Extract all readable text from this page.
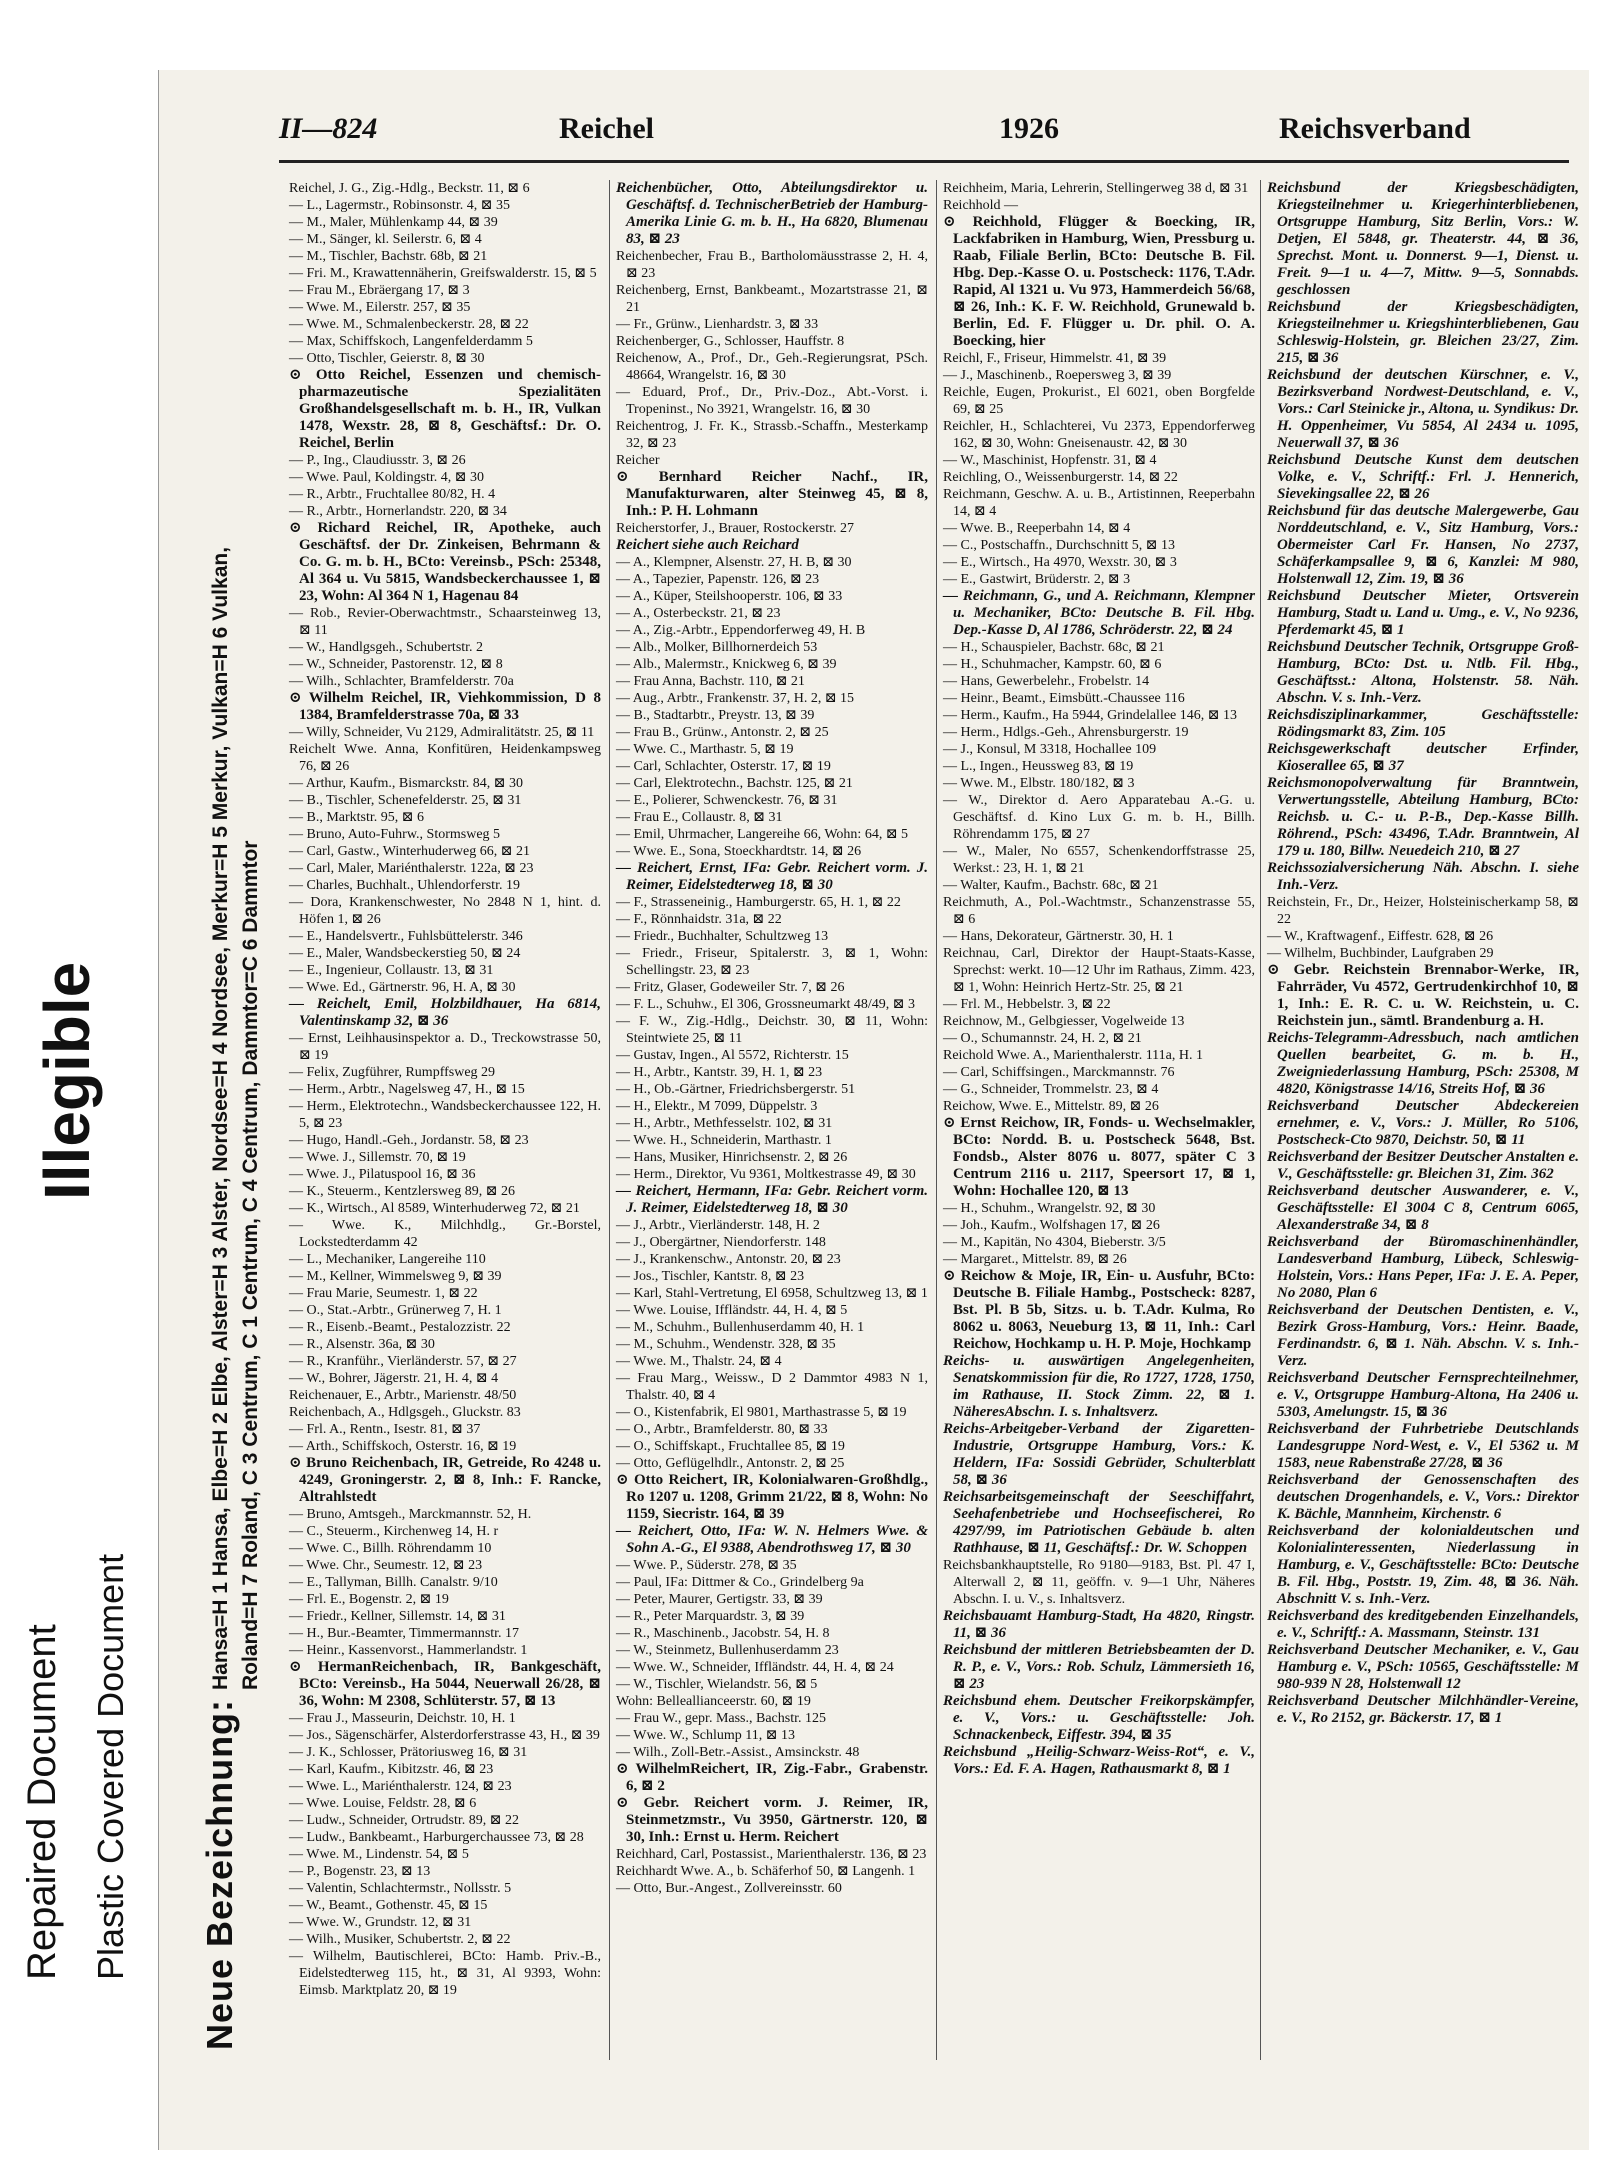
Repaired Document Plastic Covered Document
Illegible
II—824	Reichel	1926	Reichsverband
Neue Bezeichnung:
Hansa=H 1 Hansa, Elbe=H 2 Elbe, Alster=H 3 Alster, Nordsee=H 4 Nordsee, Merkur=H 5 Merkur, Vulkan=H 6 Vulkan, Roland=H 7 Roland, C 3 Centrum, C 1 Centrum, C 4 Centrum, Dammtor=C 6 Dammtor

Reichel, J. G., Zig.-Hdlg., Beckstr. 11, ⊠ 6

— L., Lagermstr., Robinsonstr. 4, ⊠ 35

— M., Maler, Mühlenkamp 44, ⊠ 39

— M., Sänger, kl. Seilerstr. 6, ⊠ 4

— M., Tischler, Bachstr. 68b, ⊠ 21

— Fri. M., Krawattennäherin, Greifswalderstr. 15, ⊠ 5

— Frau M., Ebräergang 17, ⊠ 3

— Wwe. M., Eilerstr. 257, ⊠ 35

— Wwe. M., Schmalenbeckerstr. 28, ⊠ 22

— Max, Schiffskoch, Langenfelderdamm 5

— Otto, Tischler, Geierstr. 8, ⊠ 30

⊙ Otto Reichel, Essenzen und chemisch-pharmazeutische Spezialitäten Großhandelsgesellschaft m. b. H., IR, Vulkan 1478, Wexstr. 28, ⊠ 8, Geschäftsf.: Dr. O. Reichel, Berlin

— P., Ing., Claudiusstr. 3, ⊠ 26

— Wwe. Paul, Koldingstr. 4, ⊠ 30

— R., Arbtr., Fruchtallee 80/82, H. 4

— R., Arbtr., Hornerlandstr. 220, ⊠ 34

⊙ Richard Reichel, IR, Apotheke, auch Geschäftsf. der Dr. Zinkeisen, Behrmann & Co. G. m. b. H., BCto: Vereinsb., PSch: 25348, Al 364 u. Vu 5815, Wandsbeckerchaussee 1, ⊠ 23, Wohn: Al 364 N 1, Hagenau 84

— Rob., Revier-Oberwachtmstr., Schaarsteinweg 13, ⊠ 11

— W., Handlgsgeh., Schubertstr. 2

— W., Schneider, Pastorenstr. 12, ⊠ 8

— Wilh., Schlachter, Bramfelderstr. 70a

⊙ Wilhelm Reichel, IR, Viehkommission, D 8 1384, Bramfelderstrasse 70a, ⊠ 33

— Willy, Schneider, Vu 2129, Admiralitätstr. 25, ⊠ 11

Reichelt Wwe. Anna, Konfitüren, Heidenkampsweg 76, ⊠ 26

— Arthur, Kaufm., Bismarckstr. 84, ⊠ 30

— B., Tischler, Schenefelderstr. 25, ⊠ 31

— B., Marktstr. 95, ⊠ 6

— Bruno, Auto-Fuhrw., Stormsweg 5

— Carl, Gastw., Winterhuderweg 66, ⊠ 21

— Carl, Maler, Mariénthalerstr. 122a, ⊠ 23

— Charles, Buchhalt., Uhlendorferstr. 19

— Dora, Krankenschwester, No 2848 N 1, hint. d. Höfen 1, ⊠ 26

— E., Handelsvertr., Fuhlsbüttelerstr. 346

— E., Maler, Wandsbeckerstieg 50, ⊠ 24

— E., Ingenieur, Collaustr. 13, ⊠ 31

— Wwe. Ed., Gärtnerstr. 96, H. A, ⊠ 30

— Reichelt, Emil, Holzbildhauer, Ha 6814, Valentinskamp 32, ⊠ 36

— Ernst, Leihhausinspektor a. D., Treckowstrasse 50, ⊠ 19

— Felix, Zugführer, Rumpffsweg 29

— Herm., Arbtr., Nagelsweg 47, H., ⊠ 15

— Herm., Elektrotechn., Wandsbeckerchaussee 122, H. 5, ⊠ 23

— Hugo, Handl.-Geh., Jordanstr. 58, ⊠ 23

— Wwe. J., Sillemstr. 70, ⊠ 19

— Wwe. J., Pilatuspool 16, ⊠ 36

— K., Steuerm., Kentzlersweg 89, ⊠ 26

— K., Wirtsch., Al 8589, Winterhuderweg 72, ⊠ 21

— Wwe. K., Milchhdlg., Gr.-Borstel, Lockstedterdamm 42

— L., Mechaniker, Langereihe 110

— M., Kellner, Wimmelsweg 9, ⊠ 39

— Frau Marie, Seumestr. 1, ⊠ 22

— O., Stat.-Arbtr., Grünerweg 7, H. 1

— R., Eisenb.-Beamt., Pestalozzistr. 22

— R., Alsenstr. 36a, ⊠ 30

— R., Kranführ., Vierländerstr. 57, ⊠ 27

— W., Bohrer, Jägerstr. 21, H. 4, ⊠ 4

Reichenauer, E., Arbtr., Marienstr. 48/50

Reichenbach, A., Hdlgsgeh., Gluckstr. 83

— Frl. A., Rentn., Isestr. 81, ⊠ 37

— Arth., Schiffskoch, Osterstr. 16, ⊠ 19

⊙ Bruno Reichenbach, IR, Getreide, Ro 4248 u. 4249, Groningerstr. 2, ⊠ 8, Inh.: F. Rancke, Altrahlstedt

— Bruno, Amtsgeh., Marckmannstr. 52, H.

— C., Steuerm., Kirchenweg 14, H. r

— Wwe. C., Billh. Röhrendamm 10

— Wwe. Chr., Seumestr. 12, ⊠ 23

— E., Tallyman, Billh. Canalstr. 9/10

— Frl. E., Bogenstr. 2, ⊠ 19

— Friedr., Kellner, Sillemstr. 14, ⊠ 31

— H., Bur.-Beamter, Timmermannstr. 17

— Heinr., Kassenvorst., Hammerlandstr. 1

⊙ HermanReichenbach, IR, Bankgeschäft, BCto: Vereinsb., Ha 5044, Neuerwall 26/28, ⊠ 36, Wohn: M 2308, Schlüterstr. 57, ⊠ 13

— Frau J., Masseurin, Deichstr. 10, H. 1

— Jos., Sägenschärfer, Alsterdorferstrasse 43, H., ⊠ 39

— J. K., Schlosser, Prätoriusweg 16, ⊠ 31

— Karl, Kaufm., Kibitzstr. 46, ⊠ 23

— Wwe. L., Mariénthalerstr. 124, ⊠ 23

— Wwe. Louise, Feldstr. 28, ⊠ 6

— Ludw., Schneider, Ortrudstr. 89, ⊠ 22

— Ludw., Bankbeamt., Harburgerchaussee 73, ⊠ 28

— Wwe. M., Lindenstr. 54, ⊠ 5

— P., Bogenstr. 23, ⊠ 13

— Valentin, Schlachtermstr., Nollsstr. 5

— W., Beamt., Gothenstr. 45, ⊠ 15

— Wwe. W., Grundstr. 12, ⊠ 31

— Wilh., Musiker, Schubertstr. 2, ⊠ 22

— Wilhelm, Bautischlerei, BCto: Hamb. Priv.-B., Eidelstedterweg 115, ht., ⊠ 31, Al 9393, Wohn: Eimsb. Marktplatz 20, ⊠ 19

Reichenbücher, Otto, Abteilungsdirektor u. Geschäftsf. d. TechnischerBetrieb der Hamburg-Amerika Linie G. m. b. H., Ha 6820, Blumenau 83, ⊠ 23

Reichenbecher, Frau B., Bartholomäusstrasse 2, H. 4, ⊠ 23

Reichenberg, Ernst, Bankbeamt., Mozartstrasse 21, ⊠ 21

— Fr., Grünw., Lienhardstr. 3, ⊠ 33

Reichenberger, G., Schlosser, Hauffstr. 8

Reichenow, A., Prof., Dr., Geh.-Regierungsrat, PSch. 48664, Wrangelstr. 16, ⊠ 30

— Eduard, Prof., Dr., Priv.-Doz., Abt.-Vorst. i. Tropeninst., No 3921, Wrangelstr. 16, ⊠ 30

Reichentrog, J. Fr. K., Strassb.-Schaffn., Mesterkamp 32, ⊠ 23

Reicher

⊙ Bernhard Reicher Nachf., IR, Manufakturwaren, alter Steinweg 45, ⊠ 8, Inh.: P. H. Lohmann

Reicherstorfer, J., Brauer, Rostockerstr. 27

Reichert siehe auch Reichard

— A., Klempner, Alsenstr. 27, H. B, ⊠ 30

— A., Tapezier, Papenstr. 126, ⊠ 23

— A., Küper, Steilshooperstr. 106, ⊠ 33

— A., Osterbeckstr. 21, ⊠ 23

— A., Zig.-Arbtr., Eppendorferweg 49, H. B

— Alb., Molker, Billhornerdeich 53

— Alb., Malermstr., Knickweg 6, ⊠ 39

— Frau Anna, Bachstr. 110, ⊠ 21

— Aug., Arbtr., Frankenstr. 37, H. 2, ⊠ 15

— B., Stadtarbtr., Preystr. 13, ⊠ 39

— Frau B., Grünw., Antonstr. 2, ⊠ 25

— Wwe. C., Marthastr. 5, ⊠ 19

— Carl, Schlachter, Osterstr. 17, ⊠ 19

— Carl, Elektrotechn., Bachstr. 125, ⊠ 21

— E., Polierer, Schwenckestr. 76, ⊠ 31

— Frau E., Collaustr. 8, ⊠ 31

— Emil, Uhrmacher, Langereihe 66, Wohn: 64, ⊠ 5

— Wwe. E., Sona, Stoeckhardtstr. 14, ⊠ 26

— Reichert, Ernst, IFa: Gebr. Reichert vorm. J. Reimer, Eidelstedterweg 18, ⊠ 30

— F., Strasseneinig., Hamburgerstr. 65, H. 1, ⊠ 22

— F., Rönnhaidstr. 31a, ⊠ 22

— Friedr., Buchhalter, Schultzweg 13

— Friedr., Friseur, Spitalerstr. 3, ⊠ 1, Wohn: Schellingstr. 23, ⊠ 23

— Fritz, Glaser, Godeweiler Str. 7, ⊠ 26

— F. L., Schuhw., El 306, Grossneumarkt 48/49, ⊠ 3

— F. W., Zig.-Hdlg., Deichstr. 30, ⊠ 11, Wohn: Steintwiete 25, ⊠ 11

— Gustav, Ingen., Al 5572, Richterstr. 15

— H., Arbtr., Kantstr. 39, H. 1, ⊠ 23

— H., Ob.-Gärtner, Friedrichsbergerstr. 51

— H., Elektr., M 7099, Düppelstr. 3

— H., Arbtr., Methfesselstr. 102, ⊠ 31

— Wwe. H., Schneiderin, Marthastr. 1

— Hans, Musiker, Hinrichsenstr. 2, ⊠ 26

— Herm., Direktor, Vu 9361, Moltkestrasse 49, ⊠ 30

— Reichert, Hermann, IFa: Gebr. Reichert vorm. J. Reimer, Eidelstedterweg 18, ⊠ 30

— J., Arbtr., Vierländerstr. 148, H. 2

— J., Obergärtner, Niendorferstr. 148

— J., Krankenschw., Antonstr. 20, ⊠ 23

— Jos., Tischler, Kantstr. 8, ⊠ 23

— Karl, Stahl-Vertretung, El 6958, Schultzweg 13, ⊠ 1

— Wwe. Louise, Iffländstr. 44, H. 4, ⊠ 5

— M., Schuhm., Bullenhuserdamm 40, H. 1

— M., Schuhm., Wendenstr. 328, ⊠ 35

— Wwe. M., Thalstr. 24, ⊠ 4

— Frau Marg., Weissw., D 2 Dammtor 4983 N 1, Thalstr. 40, ⊠ 4

— O., Kistenfabrik, El 9801, Marthastrasse 5, ⊠ 19

— O., Arbtr., Bramfelderstr. 80, ⊠ 33

— O., Schiffskapt., Fruchtallee 85, ⊠ 19

— Otto, Geflügelhdlr., Antonstr. 2, ⊠ 25

⊙ Otto Reichert, IR, Kolonialwaren-Großhdlg., Ro 1207 u. 1208, Grimm 21/22, ⊠ 8, Wohn: No 1159, Siecristr. 164, ⊠ 39

— Reichert, Otto, IFa: W. N. Helmers Wwe. & Sohn A.-G., El 9388, Abendrothsweg 17, ⊠ 30

— Wwe. P., Süderstr. 278, ⊠ 35

— Paul, IFa: Dittmer & Co., Grindelberg 9a

— Peter, Maurer, Gertigstr. 33, ⊠ 39

— R., Peter Marquardstr. 3, ⊠ 39

— R., Maschinenb., Jacobstr. 54, H. 8

— W., Steinmetz, Bullenhuserdamm 23

— Wwe. W., Schneider, Iffländstr. 44, H. 4, ⊠ 24

— W., Tischler, Wielandstr. 56, ⊠ 5

Wohn: Belleallianceerstr. 60, ⊠ 19

— Frau W., gepr. Mass., Bachstr. 125

— Wwe. W., Schlump 11, ⊠ 13

— Wilh., Zoll-Betr.-Assist., Amsinckstr. 48

⊙ WilhelmReichert, IR, Zig.-Fabr., Grabenstr. 6, ⊠ 2

⊙ Gebr. Reichert vorm. J. Reimer, IR, Steinmetzmstr., Vu 3950, Gärtnerstr. 120, ⊠ 30, Inh.: Ernst u. Herm. Reichert

Reichhard, Carl, Postassist., Marienthalerstr. 136, ⊠ 23

Reichhardt Wwe. A., b. Schäferhof 50, ⊠ Langenh. 1

— Otto, Bur.-Angest., Zollvereinsstr. 60

Reichheim, Maria, Lehrerin, Stellingerweg 38 d, ⊠ 31

Reichhold —

⊙ Reichhold, Flügger & Boecking, IR, Lackfabriken in Hamburg, Wien, Pressburg u. Raab, Filiale Berlin, BCto: Deutsche B. Fil. Hbg. Dep.-Kasse O. u. Postscheck: 1176, T.Adr. Rapid, Al 1321 u. Vu 973, Hammerdeich 56/68, ⊠ 26, Inh.: K. F. W. Reichhold, Grunewald b. Berlin, Ed. F. Flügger u. Dr. phil. O. A. Boecking, hier

Reichl, F., Friseur, Himmelstr. 41, ⊠ 39

— J., Maschinenb., Roepersweg 3, ⊠ 39

Reichle, Eugen, Prokurist., El 6021, oben Borgfelde 69, ⊠ 25

Reichler, H., Schlachterei, Vu 2373, Eppendorferweg 162, ⊠ 30, Wohn: Gneisenaustr. 42, ⊠ 30

— W., Maschinist, Hopfenstr. 31, ⊠ 4

Reichling, O., Weissenburgerstr. 14, ⊠ 22

Reichmann, Geschw. A. u. B., Artistinnen, Reeperbahn 14, ⊠ 4

— Wwe. B., Reeperbahn 14, ⊠ 4

— C., Postschaffn., Durchschnitt 5, ⊠ 13

— E., Wirtsch., Ha 4970, Wexstr. 30, ⊠ 3

— E., Gastwirt, Brüderstr. 2, ⊠ 3

— Reichmann, G., und A. Reichmann, Klempner u. Mechaniker, BCto: Deutsche B. Fil. Hbg. Dep.-Kasse D, Al 1786, Schröderstr. 22, ⊠ 24

— H., Schauspieler, Bachstr. 68c, ⊠ 21

— H., Schuhmacher, Kampstr. 60, ⊠ 6

— Hans, Gewerbelehr., Frobelstr. 14

— Heinr., Beamt., Eimsbütt.-Chaussee 116

— Herm., Kaufm., Ha 5944, Grindelallee 146, ⊠ 13

— Herm., Hdlgs.-Geh., Ahrensburgerstr. 19

— J., Konsul, M 3318, Hochallee 109

— L., Ingen., Heussweg 83, ⊠ 19

— Wwe. M., Elbstr. 180/182, ⊠ 3

— W., Direktor d. Aero Apparatebau A.-G. u. Geschäftsf. d. Kino Lux G. m. b. H., Billh. Röhrendamm 175, ⊠ 27

— W., Maler, No 6557, Schenkendorffstrasse 25, Werkst.: 23, H. 1, ⊠ 21

— Walter, Kaufm., Bachstr. 68c, ⊠ 21

Reichmuth, A., Pol.-Wachtmstr., Schanzenstrasse 55, ⊠ 6

— Hans, Dekorateur, Gärtnerstr. 30, H. 1

Reichnau, Carl, Direktor der Haupt-Staats-Kasse, Sprechst: werkt. 10—12 Uhr im Rathaus, Zimm. 423, ⊠ 1, Wohn: Heinrich Hertz-Str. 25, ⊠ 21

— Frl. M., Hebbelstr. 3, ⊠ 22

Reichnow, M., Gelbgiesser, Vogelweide 13

— O., Schumannstr. 24, H. 2, ⊠ 21

Reichold Wwe. A., Marienthalerstr. 111a, H. 1

— Carl, Schiffsingen., Marckmannstr. 76

— G., Schneider, Trommelstr. 23, ⊠ 4

Reichow, Wwe. E., Mittelstr. 89, ⊠ 26

⊙ Ernst Reichow, IR, Fonds- u. Wechselmakler, BCto: Nordd. B. u. Postscheck 5648, Bst. Fondsb., Alster 8076 u. 8077, später C 3 Centrum 2116 u. 2117, Speersort 17, ⊠ 1, Wohn: Hochallee 120, ⊠ 13

— H., Schuhm., Wrangelstr. 92, ⊠ 30

— Joh., Kaufm., Wolfshagen 17, ⊠ 26

— M., Kapitän, No 4304, Bieberstr. 3/5

— Margaret., Mittelstr. 89, ⊠ 26

⊙ Reichow & Moje, IR, Ein- u. Ausfuhr, BCto: Deutsche B. Filiale Hambg., Postscheck: 8287, Bst. Pl. B 5b, Sitzs. u. b. T.Adr. Kulma, Ro 8062 u. 8063, Neueburg 13, ⊠ 11, Inh.: Carl Reichow, Hochkamp u. H. P. Moje, Hochkamp

Reichs- u. auswärtigen Angelegenheiten, Senatskommission für die, Ro 1727, 1728, 1750, im Rathause, II. Stock Zimm. 22, ⊠ 1. NäheresAbschn. I. s. Inhaltsverz.

Reichs-Arbeitgeber-Verband der Zigaretten-Industrie, Ortsgruppe Hamburg, Vors.: K. Heldern, IFa: Sossidi Gebrüder, Schulterblatt 58, ⊠ 36

Reichsarbeitsgemeinschaft der Seeschiffahrt, Seehafenbetriebe und Hochseefischerei, Ro 4297/99, im Patriotischen Gebäude b. alten Rathhause, ⊠ 11, Geschäftsf.: Dr. W. Schoppen

Reichsbankhauptstelle, Ro 9180—9183, Bst. Pl. 47 I, Alterwall 2, ⊠ 11, geöffn. v. 9—1 Uhr, Näheres Abschn. I. u. V., s. Inhaltsverz.

Reichsbauamt Hamburg-Stadt, Ha 4820, Ringstr. 11, ⊠ 36

Reichsbund der mittleren Betriebsbeamten der D. R. P., e. V., Vors.: Rob. Schulz, Lämmersieth 16, ⊠ 23

Reichsbund ehem. Deutscher Freikorpskämpfer, e. V., Vors.: u. Geschäftsstelle: Joh. Schnackenbeck, Eiffestr. 394, ⊠ 35

Reichsbund „Heilig-Schwarz-Weiss-Rot“, e. V., Vors.: Ed. F. A. Hagen, Rathausmarkt 8, ⊠ 1

Reichsbund der Kriegsbeschädigten, Kriegsteilnehmer u. Kriegerhinterbliebenen, Ortsgruppe Hamburg, Sitz Berlin, Vors.: W. Detjen, El 5848, gr. Theaterstr. 44, ⊠ 36, Sprechst. Mont. u. Donnerst. 9—1, Dienst. u. Freit. 9—1 u. 4—7, Mittw. 9—5, Sonnabds. geschlossen

Reichsbund der Kriegsbeschädigten, Kriegsteilnehmer u. Kriegshinterbliebenen, Gau Schleswig-Holstein, gr. Bleichen 23/27, Zim. 215, ⊠ 36

Reichsbund der deutschen Kürschner, e. V., Bezirksverband Nordwest-Deutschland, e. V., Vors.: Carl Steinicke jr., Altona, u. Syndikus: Dr. H. Oppenheimer, Vu 5854, Al 2434 u. 1095, Neuerwall 37, ⊠ 36

Reichsbund Deutsche Kunst dem deutschen Volke, e. V., Schriftf.: Frl. J. Hennerich, Sievekingsallee 22, ⊠ 26

Reichsbund für das deutsche Malergewerbe, Gau Norddeutschland, e. V., Sitz Hamburg, Vors.: Obermeister Carl Fr. Hansen, No 2737, Schäferkampsallee 9, ⊠ 6, Kanzlei: M 980, Holstenwall 12, Zim. 19, ⊠ 36

Reichsbund Deutscher Mieter, Ortsverein Hamburg, Stadt u. Land u. Umg., e. V., No 9236, Pferdemarkt 45, ⊠ 1

Reichsbund Deutscher Technik, Ortsgruppe Groß-Hamburg, BCto: Dst. u. Ntlb. Fil. Hbg., Geschäftsst.: Altona, Holstenstr. 58. Näh. Abschn. V. s. Inh.-Verz.

Reichsdisziplinarkammer, Geschäftsstelle: Rödingsmarkt 83, Zim. 105

Reichsgewerkschaft deutscher Erfinder, Kioserallee 65, ⊠ 37

Reichsmonopolverwaltung für Branntwein, Verwertungsstelle, Abteilung Hamburg, BCto: Reichsb. u. C.- u. P.-B., Dep.-Kasse Billh. Röhrend., PSch: 43496, T.Adr. Branntwein, Al 179 u. 180, Billw. Neuedeich 210, ⊠ 27

Reichssozialversicherung Näh. Abschn. I. siehe Inh.-Verz.

Reichstein, Fr., Dr., Heizer, Holsteinischerkamp 58, ⊠ 22

— W., Kraftwagenf., Eiffestr. 628, ⊠ 26

— Wilhelm, Buchbinder, Laufgraben 29

⊙ Gebr. Reichstein Brennabor-Werke, IR, Fahrräder, Vu 4572, Gertrudenkirchhof 10, ⊠ 1, Inh.: E. R. C. u. W. Reichstein, u. C. Reichstein jun., sämtl. Brandenburg a. H.

Reichs-Telegramm-Adressbuch, nach amtlichen Quellen bearbeitet, G. m. b. H., Zweigniederlassung Hamburg, PSch: 25308, M 4820, Königstrasse 14/16, Streits Hof, ⊠ 36

Reichsverband Deutscher Abdeckereien ernehmer, e. V., Vors.: J. Müller, Ro 5106, Postscheck-Cto 9870, Deichstr. 50, ⊠ 11

Reichsverband der Besitzer Deutscher Anstalten e. V., Geschäftsstelle: gr. Bleichen 31, Zim. 362

Reichsverband deutscher Auswanderer, e. V., Geschäftsstelle: El 3004 C 8, Centrum 6065, Alexanderstraße 34, ⊠ 8

Reichsverband der Büromaschinenhändler, Landesverband Hamburg, Lübeck, Schleswig-Holstein, Vors.: Hans Peper, IFa: J. E. A. Peper, No 2080, Plan 6

Reichsverband der Deutschen Dentisten, e. V., Bezirk Gross-Hamburg, Vors.: Heinr. Baade, Ferdinandstr. 6, ⊠ 1. Näh. Abschn. V. s. Inh.-Verz.

Reichsverband Deutscher Fernsprechteilnehmer, e. V., Ortsgruppe Hamburg-Altona, Ha 2406 u. 5303, Amelungstr. 15, ⊠ 36

Reichsverband der Fuhrbetriebe Deutschlands Landesgruppe Nord-West, e. V., El 5362 u. M 1583, neue Rabenstraße 27/28, ⊠ 36

Reichsverband der Genossenschaften des deutschen Drogenhandels, e. V., Vors.: Direktor K. Bächle, Mannheim, Kirchenstr. 6

Reichsverband der kolonialdeutschen und Kolonialinteressenten, Niederlassung in Hamburg, e. V., Geschäftsstelle: BCto: Deutsche B. Fil. Hbg., Poststr. 19, Zim. 48, ⊠ 36. Näh. Abschnitt V. s. Inh.-Verz.

Reichsverband des kreditgebenden Einzelhandels, e. V., Schriftf.: A. Massmann, Steinstr. 131

Reichsverband Deutscher Mechaniker, e. V., Gau Hamburg e. V., PSch: 10565, Geschäftsstelle: M 980-939 N 28, Holstenwall 12

Reichsverband Deutscher Milchhändler-Vereine, e. V., Ro 2152, gr. Bäckerstr. 17, ⊠ 1
